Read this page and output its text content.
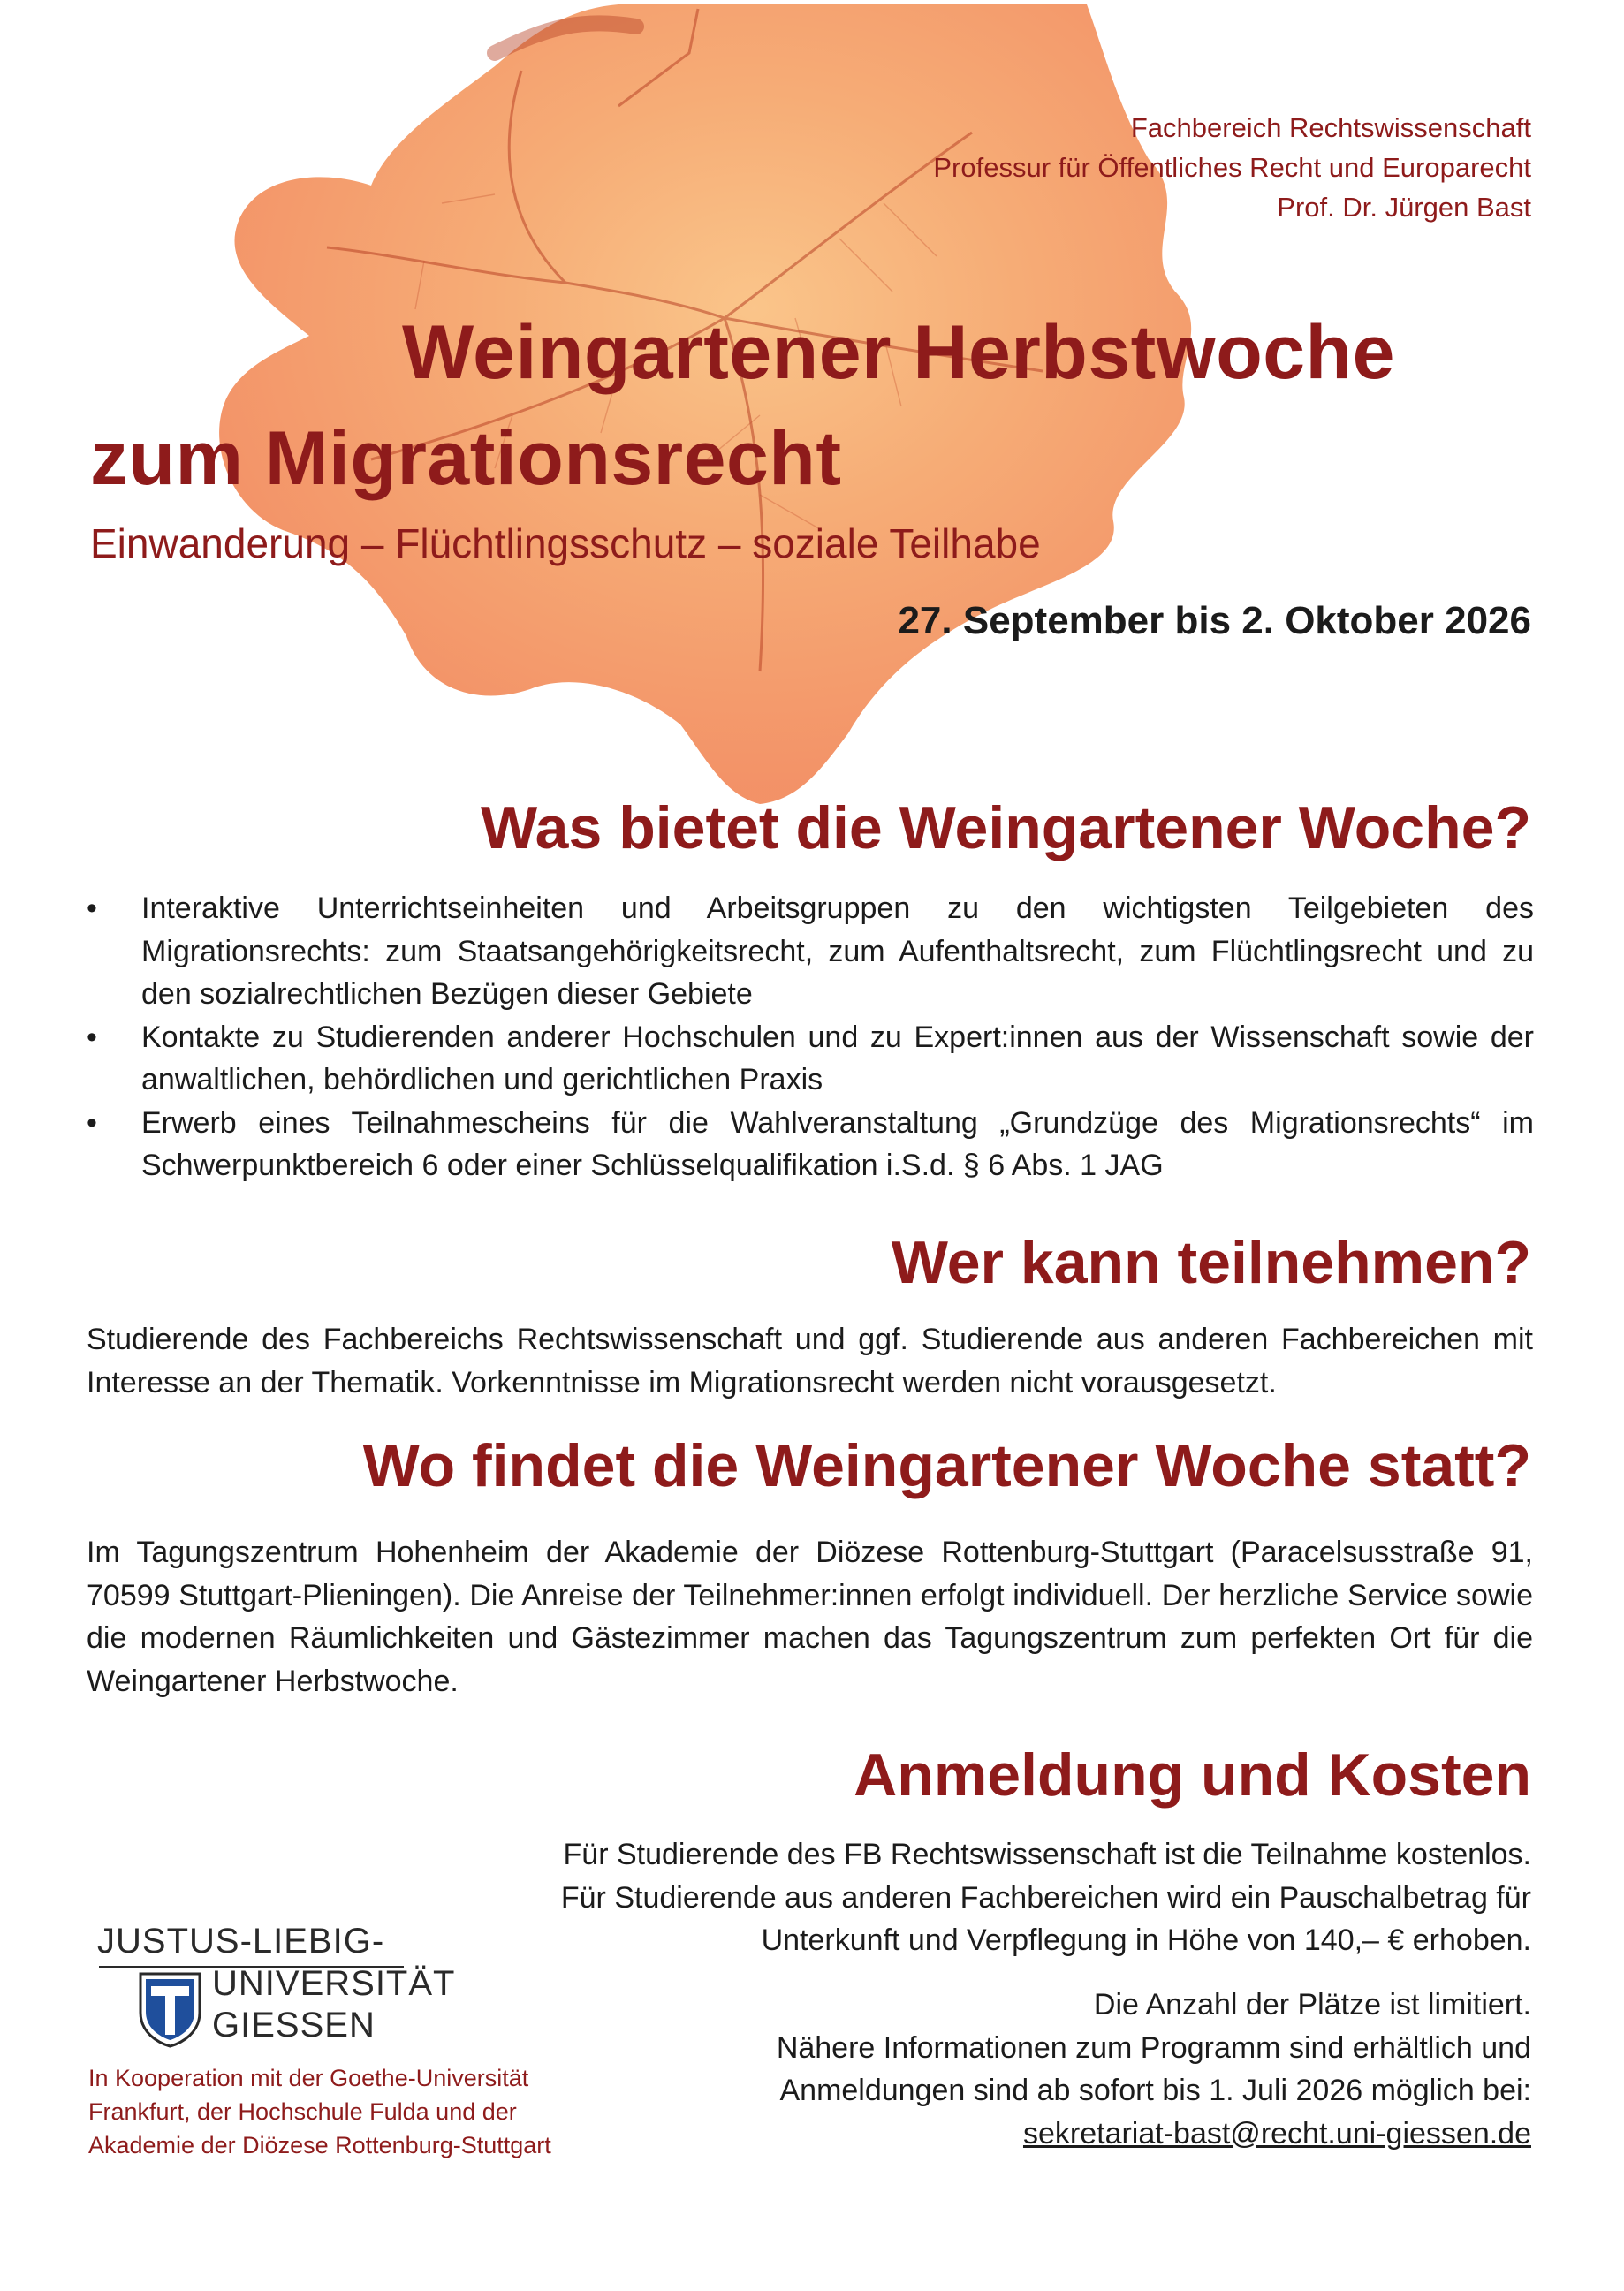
Fachbereich Rechtswissenschaft
Professur für Öffentliches Recht und Europarecht
Prof. Dr. Jürgen Bast
Weingartener Herbstwoche
zum Migrationsrecht
Einwanderung – Flüchtlingsschutz – soziale Teilhabe
27. September bis 2. Oktober 2026
Was bietet die Weingartener Woche?
•	Interaktive Unterrichtseinheiten und Arbeitsgruppen zu den wichtigsten Teilgebieten des Migrationsrechts: zum Staatsangehörigkeitsrecht, zum Aufenthaltsrecht, zum Flüchtlingsrecht und zu den sozialrechtlichen Bezügen dieser Gebiete
•	Kontakte zu Studierenden anderer Hochschulen und zu Expert:innen aus der Wissenschaft sowie der anwaltlichen, behördlichen und gerichtlichen Praxis
•	Erwerb eines Teilnahmescheins für die Wahlveranstaltung „Grundzüge des Migrationsrechts“ im Schwerpunktbereich 6 oder einer Schlüsselqualifikation i.S.d. § 6 Abs. 1 JAG
Wer kann teilnehmen?
Studierende des Fachbereichs Rechtswissenschaft und ggf. Studierende aus anderen Fachbereichen mit Interesse an der Thematik. Vorkenntnisse im Migrationsrecht werden nicht vorausgesetzt.
Wo findet die Weingartener Woche statt?
Im Tagungszentrum Hohenheim der Akademie der Diözese Rottenburg-Stuttgart (Paracelsusstraße 91, 70599 Stuttgart-Plieningen). Die Anreise der Teilnehmer:innen erfolgt individuell. Der herzliche Service sowie die modernen Räumlichkeiten und Gästezimmer machen das Tagungszentrum zum perfekten Ort für die Weingartener Herbstwoche.
Anmeldung und Kosten
Für Studierende des FB Rechtswissenschaft ist die Teilnahme kostenlos.
Für Studierende aus anderen Fachbereichen wird ein Pauschalbetrag für
Unterkunft und Verpflegung in Höhe von 140,– € erhoben.
Die Anzahl der Plätze ist limitiert.
Nähere Informationen zum Programm sind erhältlich und
Anmeldungen sind ab sofort bis 1. Juli 2026 möglich bei:
sekretariat-bast@recht.uni-giessen.de
JUSTUS-LIEBIG-
UNIVERSITÄT
GIESSEN
In Kooperation mit der Goethe-Universität
Frankfurt, der Hochschule Fulda und der
Akademie der Diözese Rottenburg-Stuttgart
